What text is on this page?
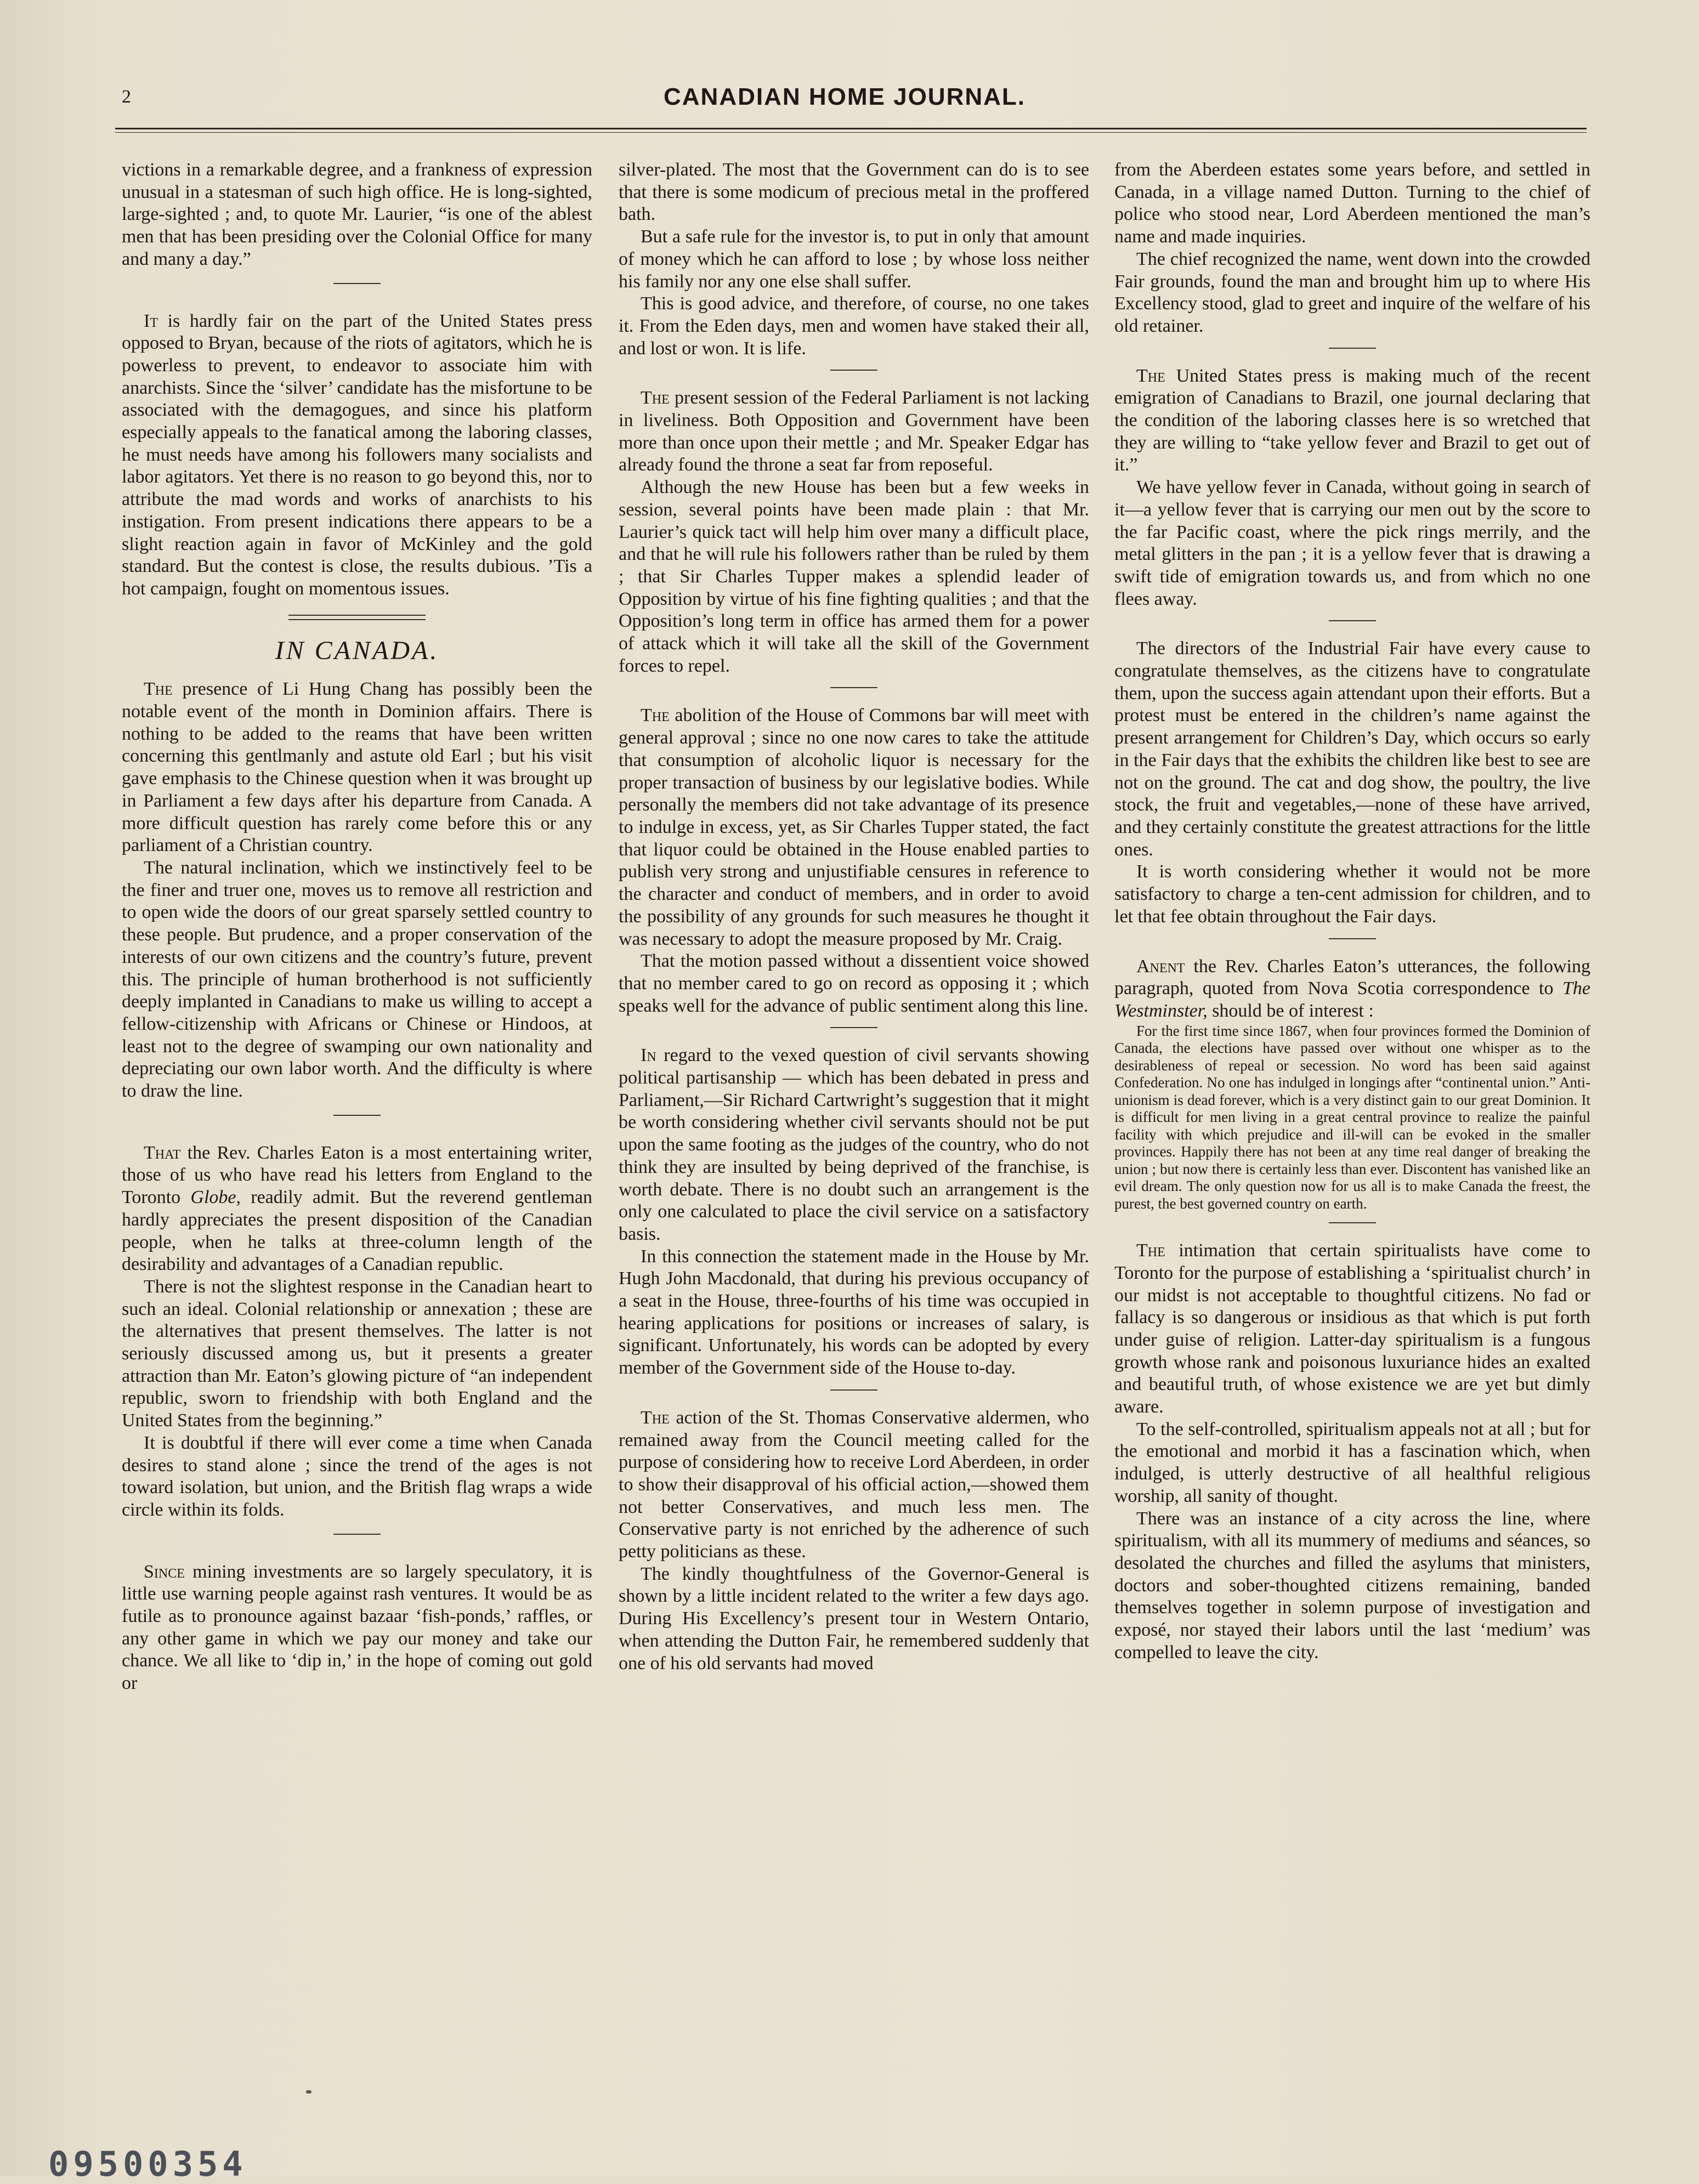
2	CANADIAN HOME JOURNAL.

victions in a remarkable degree, and a frankness of expression unusual in a statesman of such high office. He is long-sighted, large-sighted ; and, to quote Mr. Laurier, “is one of the ablest men that has been presiding over the Colonial Office for many and many a day.”

It is hardly fair on the part of the United States press opposed to Bryan, because of the riots of agitators, which he is powerless to prevent, to endeavor to associate him with anarchists. Since the ‘silver’ candidate has the misfortune to be associated with the demagogues, and since his platform especially appeals to the fanatical among the laboring classes, he must needs have among his followers many socialists and labor agitators. Yet there is no reason to go beyond this, nor to attribute the mad words and works of anarchists to his instigation. From present indications there appears to be a slight reaction again in favor of McKinley and the gold standard. But the contest is close, the results dubious. ’Tis a hot campaign, fought on momentous issues.

IN CANADA.

The presence of Li Hung Chang has possibly been the notable event of the month in Dominion affairs. There is nothing to be added to the reams that have been written concerning this gentlmanly and astute old Earl ; but his visit gave emphasis to the Chinese question when it was brought up in Parliament a few days after his departure from Canada. A more difficult question has rarely come before this or any parliament of a Christian country.

The natural inclination, which we instinctively feel to be the finer and truer one, moves us to remove all restriction and to open wide the doors of our great sparsely settled country to these people. But prudence, and a proper conservation of the interests of our own citizens and the country’s future, prevent this. The principle of human brotherhood is not sufficiently deeply implanted in Canadians to make us willing to accept a fellow-citizenship with Africans or Chinese or Hindoos, at least not to the degree of swamping our own nationality and depreciating our own labor worth. And the difficulty is where to draw the line.

That the Rev. Charles Eaton is a most entertaining writer, those of us who have read his letters from England to the Toronto Globe, readily admit. But the reverend gentleman hardly appreciates the present disposition of the Canadian people, when he talks at three-column length of the desirability and advantages of a Canadian republic.

There is not the slightest response in the Canadian heart to such an ideal. Colonial relationship or annexation ; these are the alternatives that present themselves. The latter is not seriously discussed among us, but it presents a greater attraction than Mr. Eaton’s glowing picture of “an independent republic, sworn to friendship with both England and the United States from the beginning.”

It is doubtful if there will ever come a time when Canada desires to stand alone ; since the trend of the ages is not toward isolation, but union, and the British flag wraps a wide circle within its folds.

Since mining investments are so largely speculatory, it is little use warning people against rash ventures. It would be as futile as to pronounce against bazaar ‘fish-ponds,’ raffles, or any other game in which we pay our money and take our chance. We all like to ‘dip in,’ in the hope of coming out gold or

silver-plated. The most that the Government can do is to see that there is some modicum of precious metal in the proffered bath.

But a safe rule for the investor is, to put in only that amount of money which he can afford to lose ; by whose loss neither his family nor any one else shall suffer.

This is good advice, and therefore, of course, no one takes it. From the Eden days, men and women have staked their all, and lost or won. It is life.

The present session of the Federal Parliament is not lacking in liveliness. Both Opposition and Government have been more than once upon their mettle ; and Mr. Speaker Edgar has already found the throne a seat far from reposeful.

Although the new House has been but a few weeks in session, several points have been made plain : that Mr. Laurier’s quick tact will help him over many a difficult place, and that he will rule his followers rather than be ruled by them ; that Sir Charles Tupper makes a splendid leader of Opposition by virtue of his fine fighting qualities ; and that the Opposition’s long term in office has armed them for a power of attack which it will take all the skill of the Government forces to repel.

The abolition of the House of Commons bar will meet with general approval ; since no one now cares to take the attitude that consumption of alcoholic liquor is necessary for the proper transaction of business by our legislative bodies. While personally the members did not take advantage of its presence to indulge in excess, yet, as Sir Charles Tupper stated, the fact that liquor could be obtained in the House enabled parties to publish very strong and unjustifiable censures in reference to the character and conduct of members, and in order to avoid the possibility of any grounds for such measures he thought it was necessary to adopt the measure proposed by Mr. Craig.

That the motion passed without a dissentient voice showed that no member cared to go on record as opposing it ; which speaks well for the advance of public sentiment along this line.

In regard to the vexed question of civil servants showing political partisanship — which has been debated in press and Parliament,—Sir Richard Cartwright’s suggestion that it might be worth considering whether civil servants should not be put upon the same footing as the judges of the country, who do not think they are insulted by being deprived of the franchise, is worth debate. There is no doubt such an arrangement is the only one calculated to place the civil service on a satisfactory basis.

In this connection the statement made in the House by Mr. Hugh John Macdonald, that during his previous occupancy of a seat in the House, three-fourths of his time was occupied in hearing applications for positions or increases of salary, is significant. Unfortunately, his words can be adopted by every member of the Government side of the House to-day.

The action of the St. Thomas Conservative aldermen, who remained away from the Council meeting called for the purpose of considering how to receive Lord Aberdeen, in order to show their disapproval of his official action,—showed them not better Conservatives, and much less men. The Conservative party is not enriched by the adherence of such petty politicians as these.

The kindly thoughtfulness of the Governor-General is shown by a little incident related to the writer a few days ago. During His Excellency’s present tour in Western Ontario, when attending the Dutton Fair, he remembered suddenly that one of his old servants had moved

from the Aberdeen estates some years before, and settled in Canada, in a village named Dutton. Turning to the chief of police who stood near, Lord Aberdeen mentioned the man’s name and made inquiries.

The chief recognized the name, went down into the crowded Fair grounds, found the man and brought him up to where His Excellency stood, glad to greet and inquire of the welfare of his old retainer.

The United States press is making much of the recent emigration of Canadians to Brazil, one journal declaring that the condition of the laboring classes here is so wretched that they are willing to “take yellow fever and Brazil to get out of it.”

We have yellow fever in Canada, without going in search of it—a yellow fever that is carrying our men out by the score to the far Pacific coast, where the pick rings merrily, and the metal glitters in the pan ; it is a yellow fever that is drawing a swift tide of emigration towards us, and from which no one flees away.

The directors of the Industrial Fair have every cause to congratulate themselves, as the citizens have to congratulate them, upon the success again attendant upon their efforts. But a protest must be entered in the children’s name against the present arrangement for Children’s Day, which occurs so early in the Fair days that the exhibits the children like best to see are not on the ground. The cat and dog show, the poultry, the live stock, the fruit and vegetables,—none of these have arrived, and they certainly constitute the greatest attractions for the little ones.

It is worth considering whether it would not be more satisfactory to charge a ten-cent admission for children, and to let that fee obtain throughout the Fair days.

Anent the Rev. Charles Eaton’s utterances, the following paragraph, quoted from Nova Scotia correspondence to The Westminster, should be of interest :

For the first time since 1867, when four provinces formed the Dominion of Canada, the elections have passed over without one whisper as to the desirableness of repeal or secession. No word has been said against Confederation. No one has indulged in longings after “continental union.” Anti-unionism is dead forever, which is a very distinct gain to our great Dominion. It is difficult for men living in a great central province to realize the painful facility with which prejudice and ill-will can be evoked in the smaller provinces. Happily there has not been at any time real danger of breaking the union ; but now there is certainly less than ever. Discontent has vanished like an evil dream. The only question now for us all is to make Canada the freest, the purest, the best governed country on earth.

The intimation that certain spiritualists have come to Toronto for the purpose of establishing a ‘spiritualist church’ in our midst is not acceptable to thoughtful citizens. No fad or fallacy is so dangerous or insidious as that which is put forth under guise of religion. Latter-day spiritualism is a fungous growth whose rank and poisonous luxuriance hides an exalted and beautiful truth, of whose existence we are yet but dimly aware.

To the self-controlled, spiritualism appeals not at all ; but for the emotional and morbid it has a fascination which, when indulged, is utterly destructive of all healthful religious worship, all sanity of thought.

There was an instance of a city across the line, where spiritualism, with all its mummery of mediums and séances, so desolated the churches and filled the asylums that ministers, doctors and sober-thoughted citizens remaining, banded themselves together in solemn purpose of investigation and exposé, nor stayed their labors until the last ‘medium’ was compelled to leave the city.

09500354
